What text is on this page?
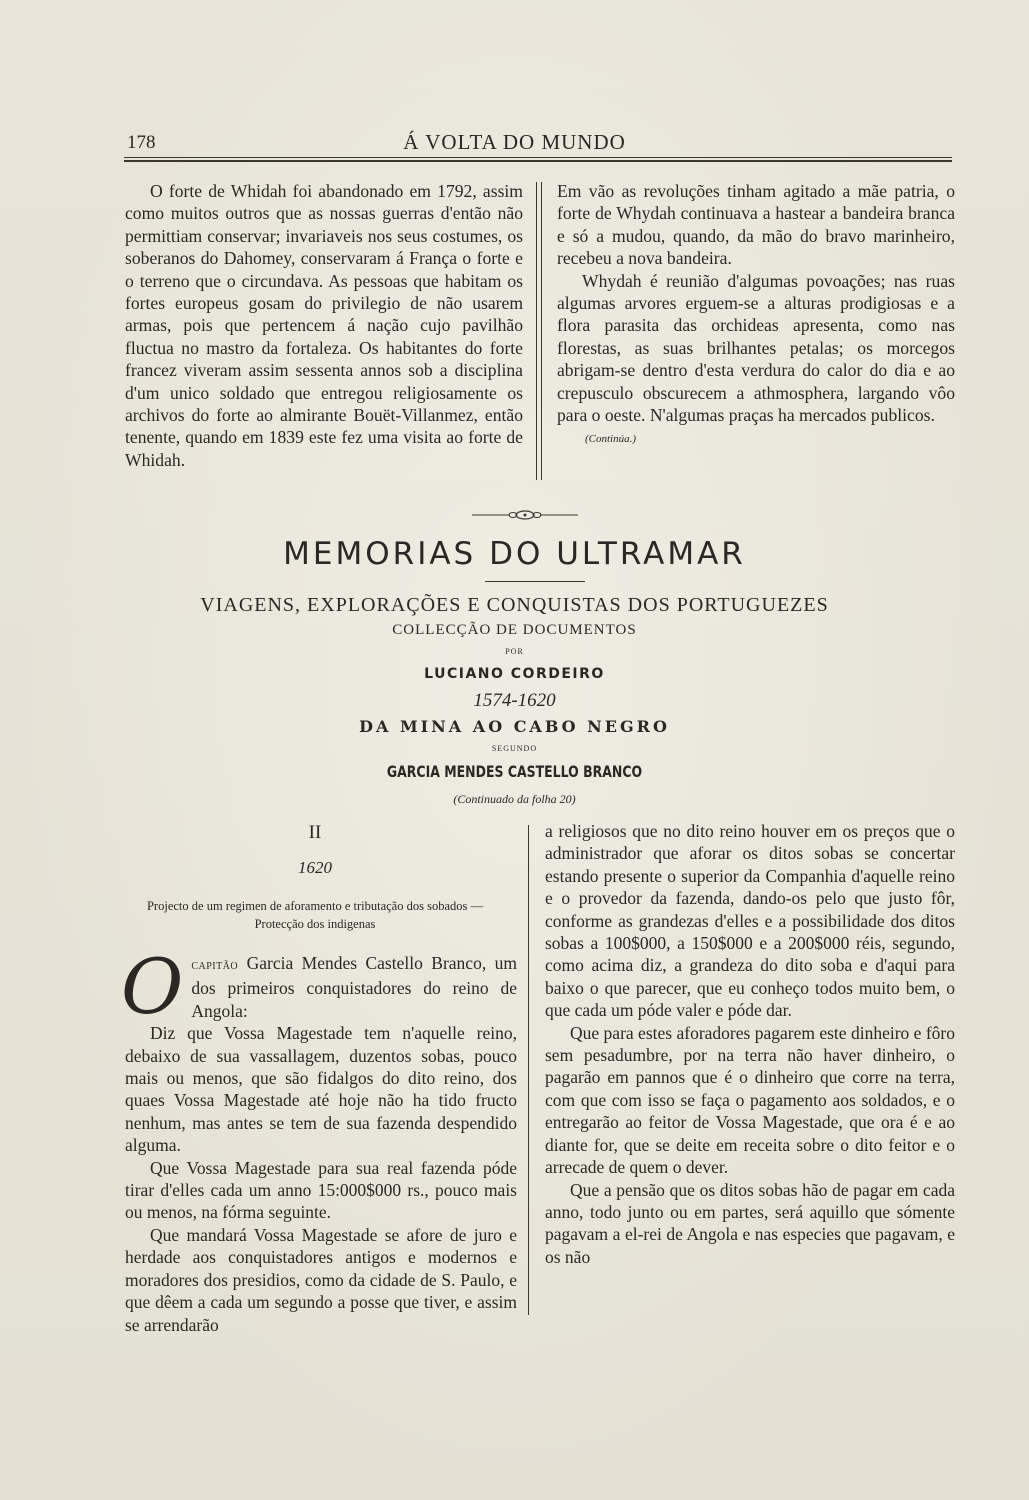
178	Á VOLTA DO MUNDO

O forte de Whidah foi abandonado em 1792, assim como muitos outros que as nossas guerras d'então não permittiam conservar; invariaveis nos seus costumes, os soberanos do Dahomey, conservaram á França o forte e o terreno que o circundava. As pessoas que habitam os fortes europeus gosam do privilegio de não usarem armas, pois que pertencem á nação cujo pavilhão fluctua no mastro da fortaleza. Os habitantes do forte francez viveram assim sessenta annos sob a disciplina d'um unico soldado que entregou religiosamente os archivos do forte ao almirante Bouët-Villanmez, então tenente, quando em 1839 este fez uma visita ao forte de Whidah.

Em vão as revoluções tinham agitado a mãe patria, o forte de Whydah continuava a hastear a bandeira branca e só a mudou, quando, da mão do bravo marinheiro, recebeu a nova bandeira.

Whydah é reunião d'algumas povoações; nas ruas algumas arvores erguem-se a alturas prodigiosas e a flora parasita das orchideas apresenta, como nas florestas, as suas brilhantes petalas; os morcegos abrigam-se dentro d'esta verdura do calor do dia e ao crepusculo obscurecem a athmosphera, largando vôo para o oeste. N'algumas praças ha mercados publicos.

(Continúa.)

MEMORIAS DO ULTRAMAR
VIAGENS, EXPLORAÇÕES E CONQUISTAS DOS PORTUGUEZES
COLLECÇÃO DE DOCUMENTOS
POR
LUCIANO CORDEIRO
1574-1620
DA MINA AO CABO NEGRO
SEGUNDO
GARCIA MENDES CASTELLO BRANCO
(Continuado da folha 20)
II
1620
Projecto de um regimen de aforamento e tributação dos sobados — Protecção dos indigenas

Ocapitão Garcia Mendes Castello Branco, um dos primeiros conquistadores do reino de Angola:

Diz que Vossa Magestade tem n'aquelle reino, debaixo de sua vassallagem, duzentos sobas, pouco mais ou menos, que são fidalgos do dito reino, dos quaes Vossa Magestade até hoje não ha tido fructo nenhum, mas antes se tem de sua fazenda despendido alguma.

Que Vossa Magestade para sua real fazenda póde tirar d'elles cada um anno 15:000$000 rs., pouco mais ou menos, na fórma seguinte.

Que mandará Vossa Magestade se afore de juro e herdade aos conquistadores antigos e modernos e moradores dos presidios, como da cidade de S. Paulo, e que dêem a cada um segundo a posse que tiver, e assim se arrendarão

a religiosos que no dito reino houver em os preços que o administrador que aforar os ditos sobas se concertar estando presente o superior da Companhia d'aquelle reino e o provedor da fazenda, dando-os pelo que justo fôr, conforme as grandezas d'elles e a possibilidade dos ditos sobas a 100$000, a 150$000 e a 200$000 réis, segundo, como acima diz, a grandeza do dito soba e d'aqui para baixo o que parecer, que eu conheço todos muito bem, o que cada um póde valer e póde dar.

Que para estes aforadores pagarem este dinheiro e fôro sem pesadumbre, por na terra não haver dinheiro, o pagarão em pannos que é o dinheiro que corre na terra, com que com isso se faça o pagamento aos soldados, e o entregarão ao feitor de Vossa Magestade, que ora é e ao diante for, que se deite em receita sobre o dito feitor e o arrecade de quem o dever.

Que a pensão que os ditos sobas hão de pagar em cada anno, todo junto ou em partes, será aquillo que sómente pagavam a el-rei de Angola e nas especies que pagavam, e os não
